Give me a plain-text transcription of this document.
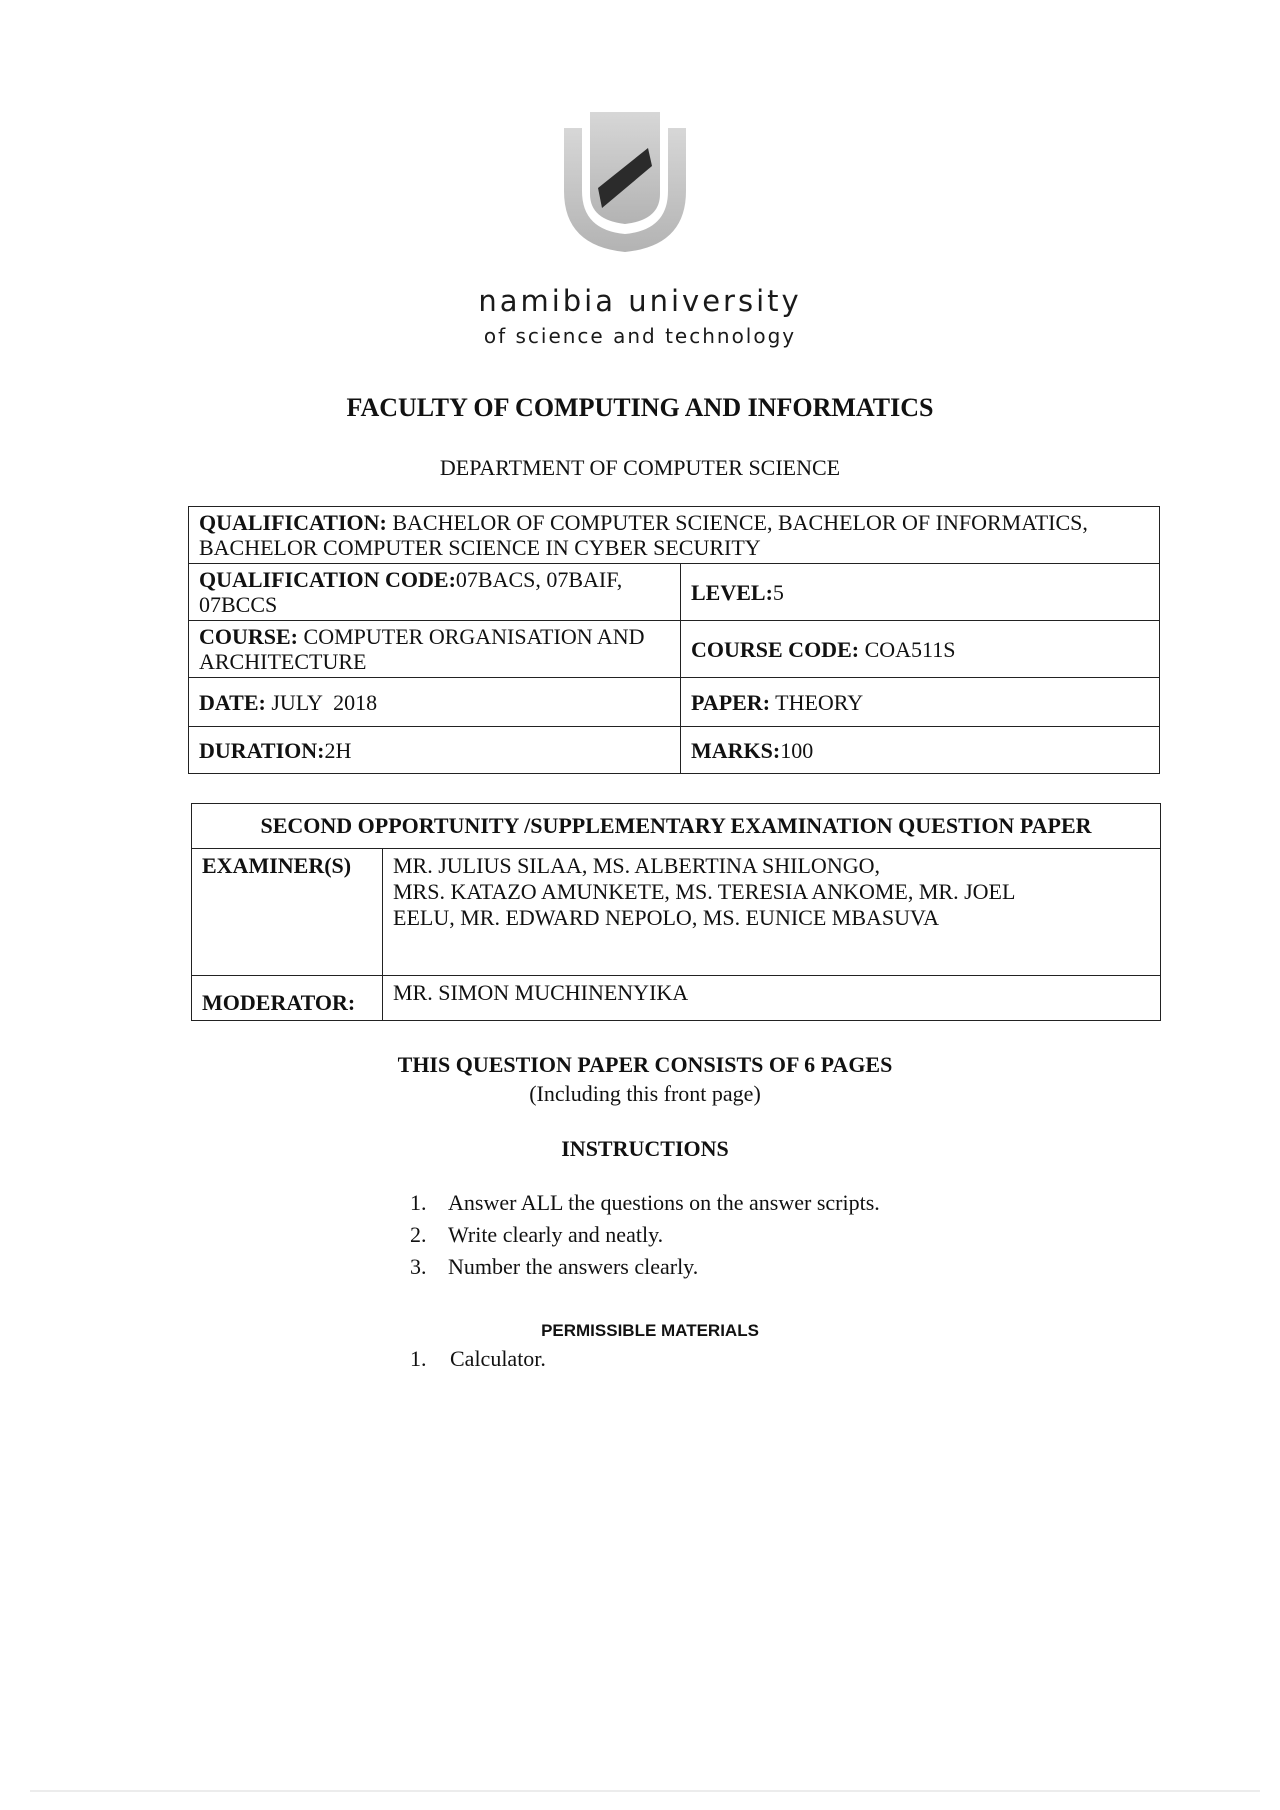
namibia university
of science and technology
FACULTY OF COMPUTING AND INFORMATICS
DEPARTMENT OF COMPUTER SCIENCE
QUALIFICATION: BACHELOR OF COMPUTER SCIENCE, BACHELOR OF INFORMATICS, BACHELOR COMPUTER SCIENCE IN CYBER SECURITY	
QUALIFICATION CODE:07BACS, 07BAIF, 07BCCS	LEVEL:5
COURSE: COMPUTER ORGANISATION AND ARCHITECTURE	COURSE CODE: COA511S
DATE: JULY  2018	PAPER: THEORY
DURATION:2H	MARKS:100
SECOND OPPORTUNITY /SUPPLEMENTARY EXAMINATION QUESTION PAPER	
EXAMINER(S)	MR. JULIUS SILAA, MS. ALBERTINA SHILONGO,
MRS. KATAZO AMUNKETE, MS. TERESIA ANKOME, MR. JOEL
EELU, MR. EDWARD NEPOLO, MS. EUNICE MBASUVA

MODERATOR:	MR. SIMON MUCHINENYIKA
THIS QUESTION PAPER CONSISTS OF 6 PAGES
(Including this front page)
INSTRUCTIONS
1. Answer ALL the questions on the answer scripts.
2. Write clearly and neatly.
3. Number the answers clearly.
PERMISSIBLE MATERIALS
1.	Calculator.
